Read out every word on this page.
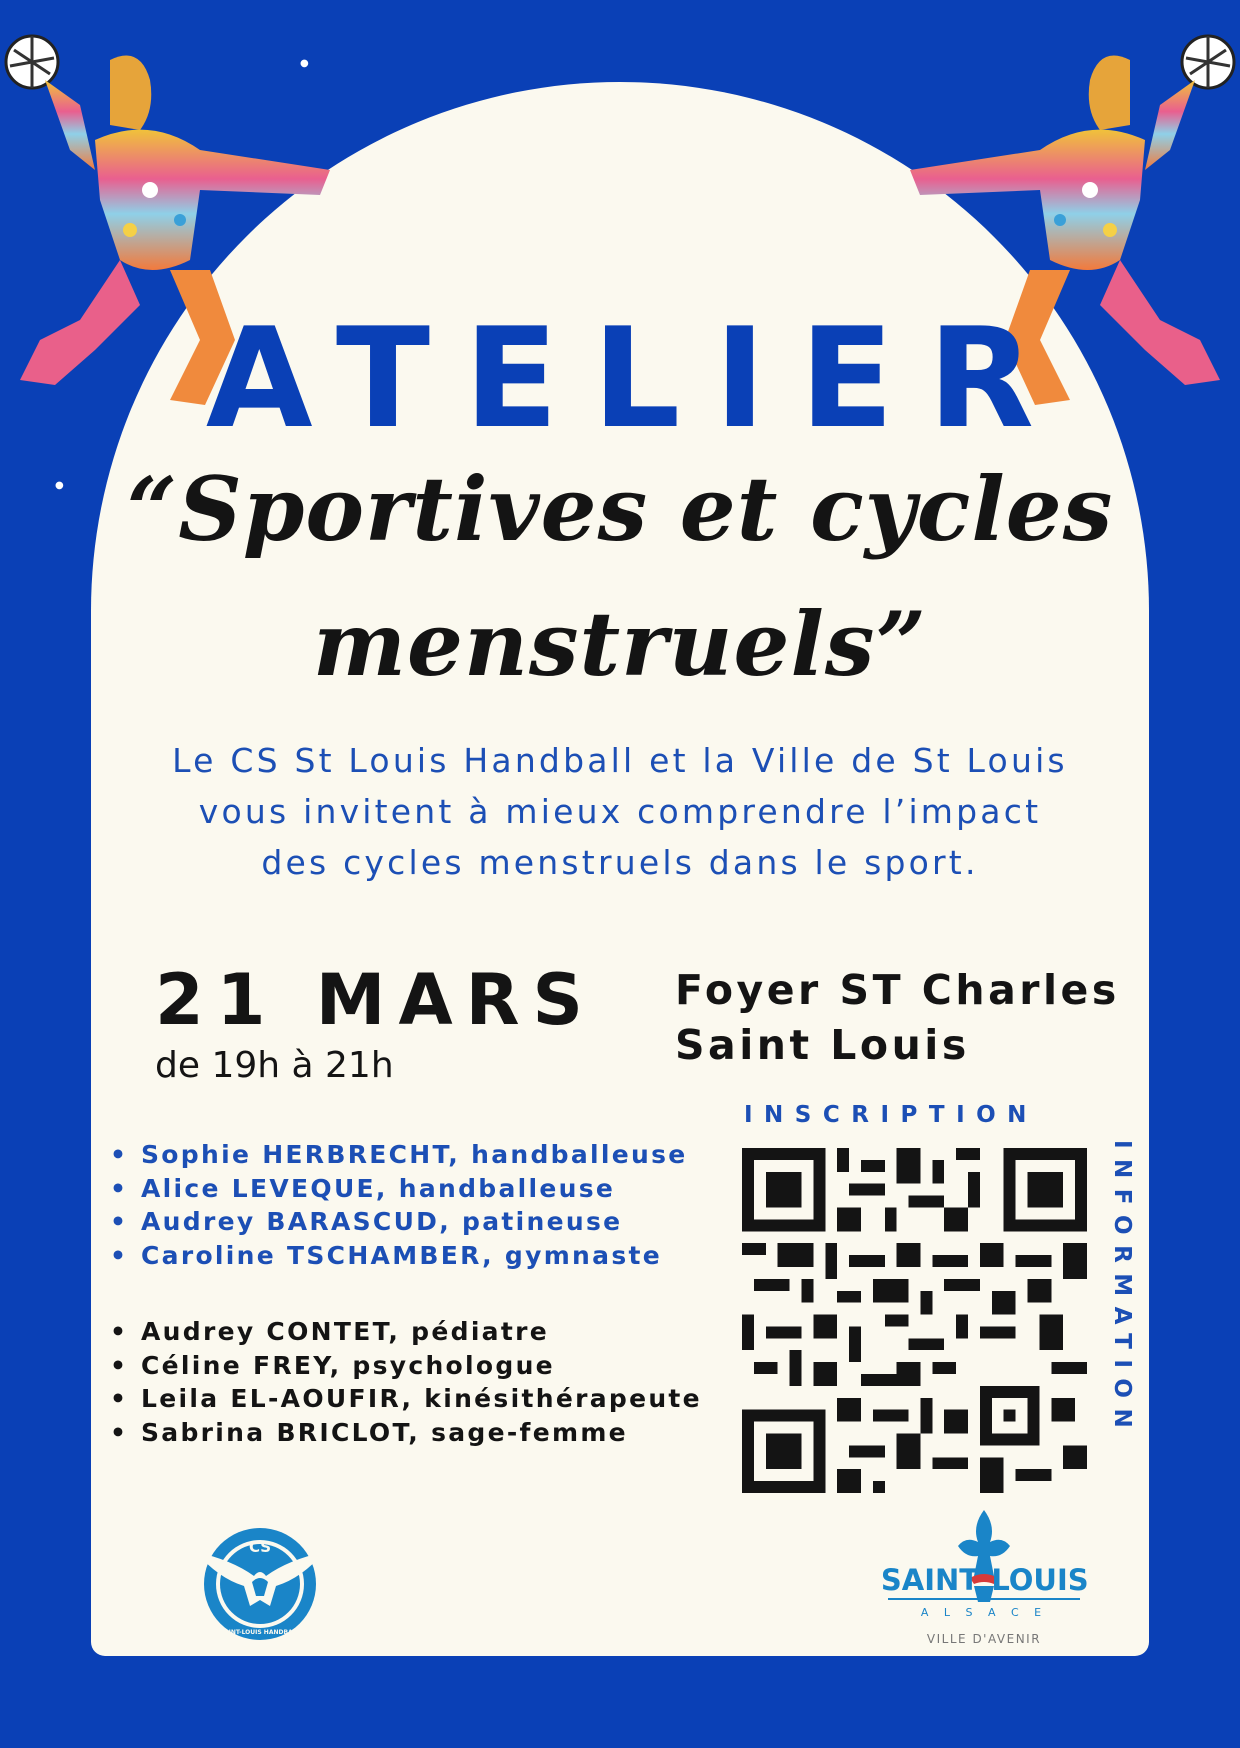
●
●
ATELIER
“Sportives et cycles
menstruels”
Le CS St Louis Handball et la Ville de St Louis
vous invitent à mieux comprendre l’impact
des cycles menstruels dans le sport.
21 MARS
de 19h à 21h
Foyer ST Charles
Saint Louis
INSCRIPTION
INFORMATION
• Sophie HERBRECHT, handballeuse
• Alice LEVEQUE, handballeuse
• Audrey BARASCUD, patineuse
• Caroline TSCHAMBER, gymnaste
• Audrey CONTET, pédiatre
• Céline FREY, psychologue
• Leila EL-AOUFIR, kinésithérapeute
• Sabrina BRICLOT, sage-femme
CS
SAINT-LOUIS HANDBALL
SAINT LOUIS
A L S A C E
VILLE D'AVENIR
